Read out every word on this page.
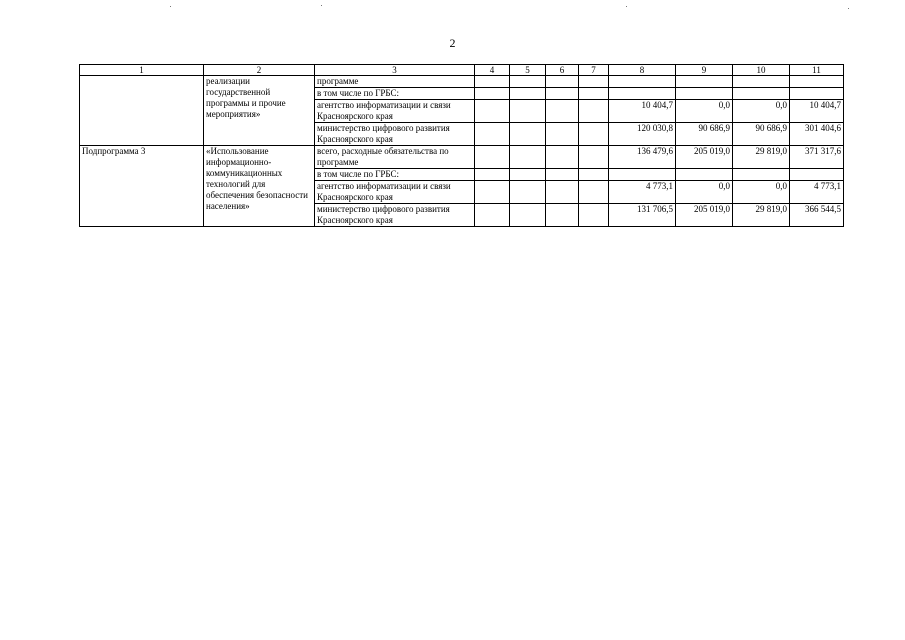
2
1	2	3	4	5	6	7	8	9	10	11
	реализации государственной программы и прочие мероприятия»	программе								
		в том числе по ГРБС:								
		агентство информатизации и связи Красноярского края					10 404,7	0,0	0,0	10 404,7
		министерство цифрового развития Красноярского края					120 030,8	90 686,9	90 686,9	301 404,6
Подпрограмма 3	«Использование информационно-коммуникационных технологий для обеспечения безопасности населения»	всего, расходные обязательства по программе					136 479,6	205 019,0	29 819,0	371 317,6
		в том числе по ГРБС:								
		агентство информатизации и связи Красноярского края					4 773,1	0,0	0,0	4 773,1
		министерство цифрового развития Красноярского края					131 706,5	205 019,0	29 819,0	366 544,5
